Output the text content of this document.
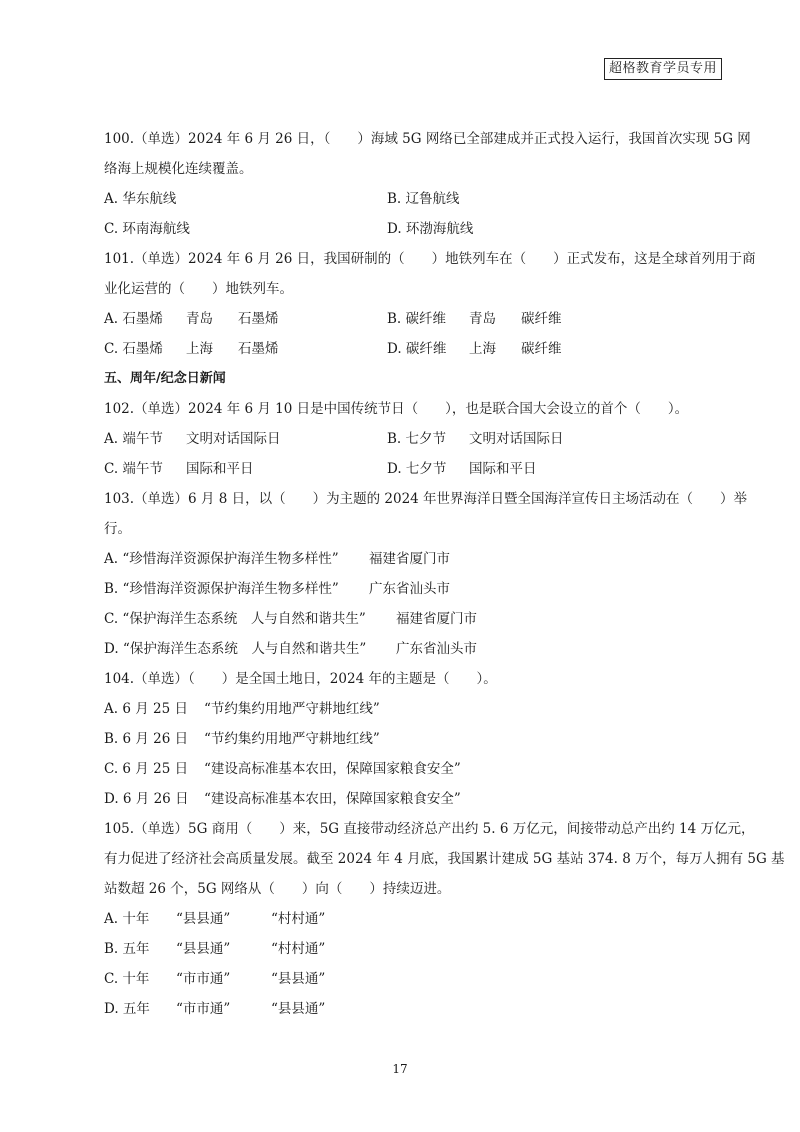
超格教育学员专用
100.（单选）2024 年 6 月 26 日，（　　）海域 5G 网络已全部建成并正式投入运行，我国首次实现 5G 网
络海上规模化连续覆盖。
A. 华东航线	B. 辽鲁航线
C. 环南海航线	D. 环渤海航线
101.（单选）2024 年 6 月 26 日，我国研制的（　　）地铁列车在（　　）正式发布，这是全球首列用于商
业化运营的（　　）地铁列车。
A. 石墨烯	青岛	石墨烯	B. 碳纤维	青岛	碳纤维
C. 石墨烯	上海	石墨烯	D. 碳纤维	上海	碳纤维
五、周年/纪念日新闻
102.（单选）2024 年 6 月 10 日是中国传统节日（　　），也是联合国大会设立的首个（　　）。
A. 端午节	文明对话国际日	B. 七夕节	文明对话国际日
C. 端午节	国际和平日	D. 七夕节	国际和平日
103.（单选）6 月 8 日，以（　　）为主题的 2024 年世界海洋日暨全国海洋宣传日主场活动在（　　）举
行。
A. “珍惜海洋资源保护海洋生物多样性” 福建省厦门市
B. “珍惜海洋资源保护海洋生物多样性” 广东省汕头市
C. “保护海洋生态系统　人与自然和谐共生” 福建省厦门市
D. “保护海洋生态系统　人与自然和谐共生” 广东省汕头市
104.（单选）（　　）是全国土地日，2024 年的主题是（　　）。
A. 6 月 25 日 “节约集约用地严守耕地红线”
B. 6 月 26 日 “节约集约用地严守耕地红线”
C. 6 月 25 日 “建设高标准基本农田，保障国家粮食安全”
D. 6 月 26 日 “建设高标准基本农田，保障国家粮食安全”
105.（单选）5G 商用（　　）来，5G 直接带动经济总产出约 5. 6 万亿元，间接带动总产出约 14 万亿元，
有力促进了经济社会高质量发展。截至 2024 年 4 月底，我国累计建成 5G 基站 374. 8 万个，每万人拥有 5G 基
站数超 26 个，5G 网络从（　　）向（　　）持续迈进。
A. 十年 “县县通”	“村村通”
B. 五年 “县县通”	“村村通”
C. 十年 “市市通”	“县县通”
D. 五年 “市市通”	“县县通”
17
